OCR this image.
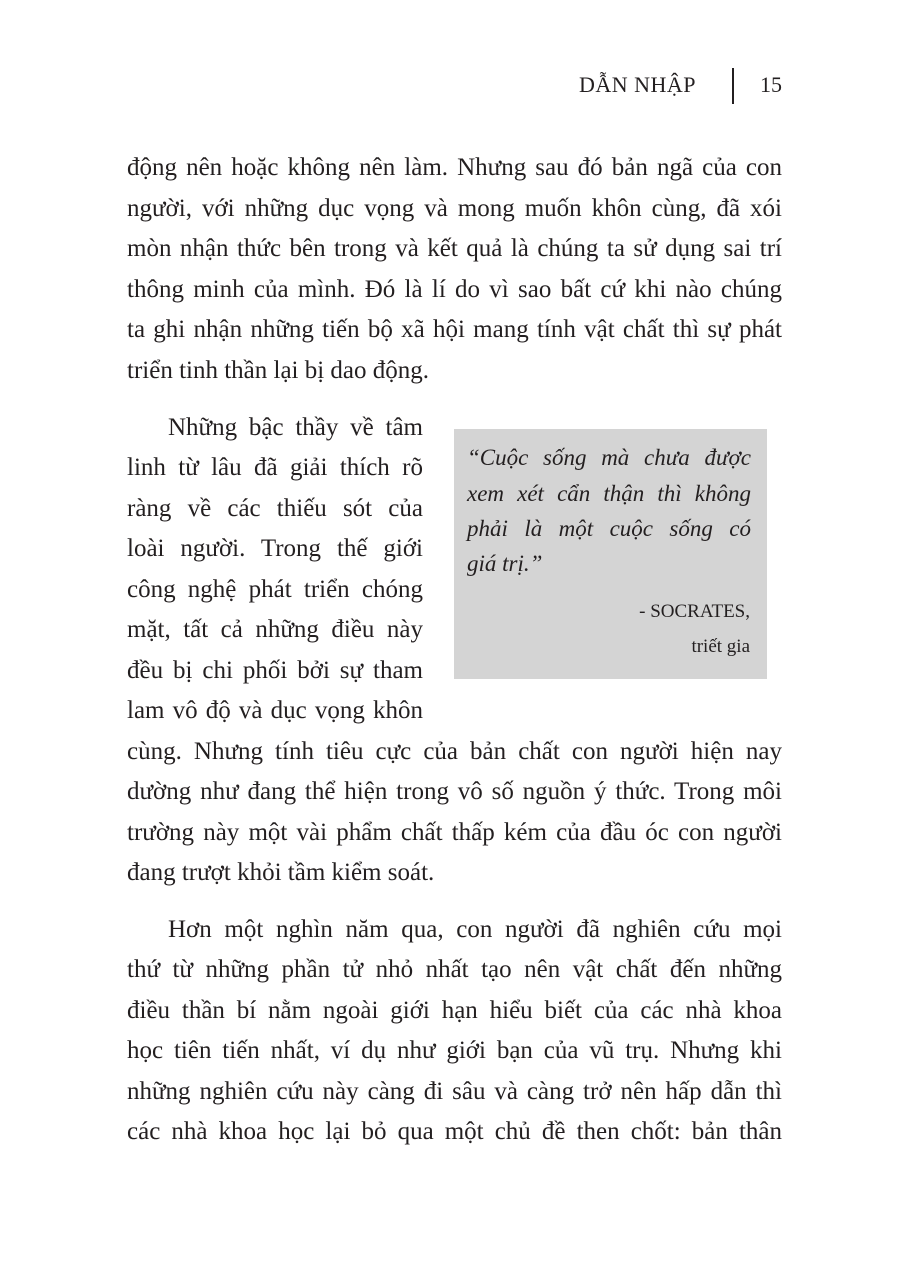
DẪN NHẬP	15
động nên hoặc không nên làm. Nhưng sau đó bản ngã của con
người, với những dục vọng và mong muốn khôn cùng, đã xói
mòn nhận thức bên trong và kết quả là chúng ta sử dụng sai trí
thông minh của mình. Đó là lí do vì sao bất cứ khi nào chúng
ta ghi nhận những tiến bộ xã hội mang tính vật chất thì sự phát
triển tinh thần lại bị dao động.
Những bậc thầy về tâm
linh từ lâu đã giải thích rõ
ràng về các thiếu sót của
loài người. Trong thế giới
công nghệ phát triển chóng
mặt, tất cả những điều này
đều bị chi phối bởi sự tham
lam vô độ và dục vọng khôn
cùng. Nhưng tính tiêu cực của bản chất con người hiện nay
dường như đang thể hiện trong vô số nguồn ý thức. Trong môi
trường này một vài phẩm chất thấp kém của đầu óc con người
đang trượt khỏi tầm kiểm soát.
“Cuộc sống mà chưa được
xem xét cẩn thận thì không
phải là một cuộc sống có
giá trị.”
- SOCRATES,
triết gia
Hơn một nghìn năm qua, con người đã nghiên cứu mọi
thứ từ những phần tử nhỏ nhất tạo nên vật chất đến những
điều thần bí nằm ngoài giới hạn hiểu biết của các nhà khoa
học tiên tiến nhất, ví dụ như giới bạn của vũ trụ. Nhưng khi
những nghiên cứu này càng đi sâu và càng trở nên hấp dẫn thì
các nhà khoa học lại bỏ qua một chủ đề then chốt: bản thân
